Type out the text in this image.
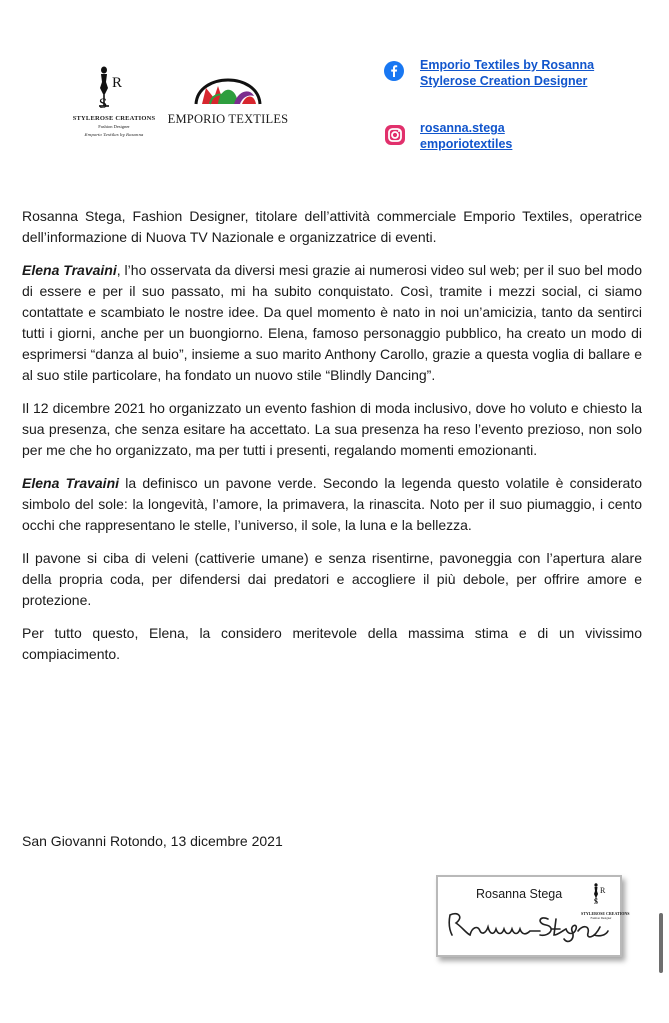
R
S
STYLEROSE CREATIONS
Fashion Designer
Emporio Textiles by Rosanna
EMPORIO TEXTILES
Emporio Textiles by Rosanna
Stylerose Creation Designer
rosanna.stega
emporiotextiles

Rosanna Stega, Fashion Designer, titolare dell’attività commerciale Emporio Textiles, operatrice dell’informazione di Nuova TV Nazionale e organizzatrice di eventi.

Elena Travaini, l’ho osservata da diversi mesi grazie ai numerosi video sul web; per il suo bel modo di essere e per il suo passato, mi ha subito conquistato. Così, tramite i mezzi social, ci siamo contattate e scambiato le nostre idee. Da quel momento è nato in noi un’amicizia, tanto da sentirci tutti i giorni, anche per un buongiorno. Elena, famoso personaggio pubblico, ha creato un modo di esprimersi “danza al buio”, insieme a suo marito Anthony Carollo, grazie a questa voglia di ballare e al suo stile particolare, ha fondato un nuovo stile “Blindly Dancing”.

Il 12 dicembre 2021 ho organizzato un evento fashion di moda inclusivo, dove ho voluto e chiesto la sua presenza, che senza esitare ha accettato. La sua presenza ha reso l’evento prezioso, non solo per me che ho organizzato, ma per tutti i presenti, regalando momenti emozionanti.

Elena Travaini la definisco un pavone verde. Secondo la legenda questo volatile è considerato simbolo del sole: la longevità, l’amore, la primavera, la rinascita. Noto per il suo piumaggio, i cento occhi che rappresentano le stelle, l’universo, il sole, la luna e la bellezza.

Il pavone si ciba di veleni (cattiverie umane) e senza risentirne, pavoneggia con l’apertura alare della propria coda, per difendersi dai predatori e accogliere il più debole, per offrire amore e protezione.

Per tutto questo, Elena, la considero meritevole della massima stima e di un vivissimo compiacimento.

San Giovanni Rotondo, 13 dicembre 2021
Rosanna Stega	R
S
STYLEROSE CREATIONS
Fashion Designer
